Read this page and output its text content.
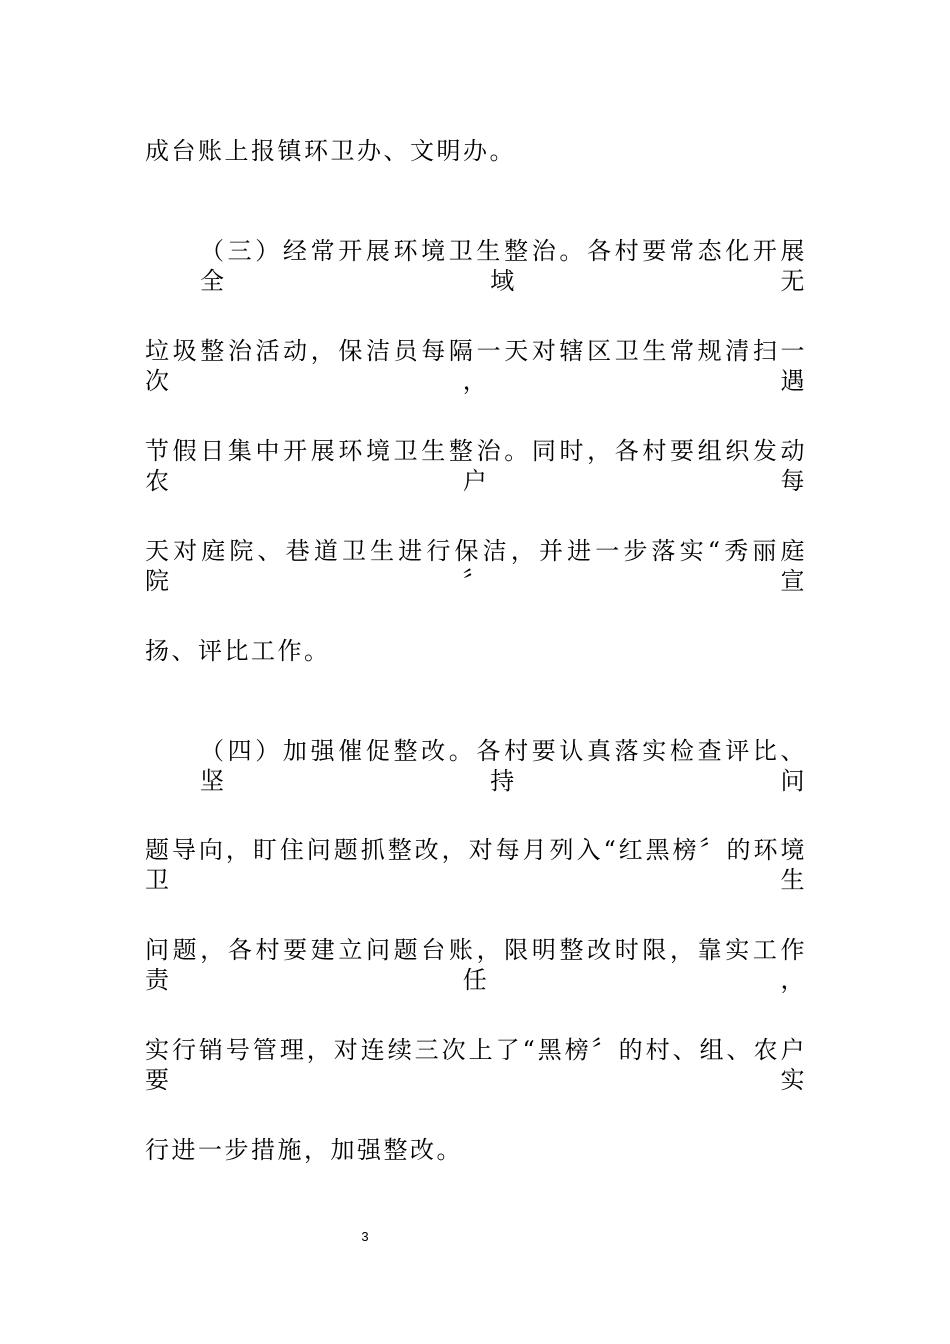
成台账上报镇环卫办、文明办。
（三）经常开展环境卫生整治。各村要常态化开展全域无
垃圾整治活动，保洁员每隔一天对辖区卫生常规清扫一次，遇
节假日集中开展环境卫生整治。同时，各村要组织发动农户每
天对庭院、巷道卫生进行保洁，并进一步落实“秀丽庭院〞宣
扬、评比工作。
（四）加强催促整改。各村要认真落实检查评比、坚持问
题导向，盯住问题抓整改，对每月列入“红黑榜〞的环境卫生
问题，各村要建立问题台账，限明整改时限，靠实工作责任，
实行销号管理，对连续三次上了“黑榜〞的村、组、农户要实
行进一步措施，加强整改。
3
